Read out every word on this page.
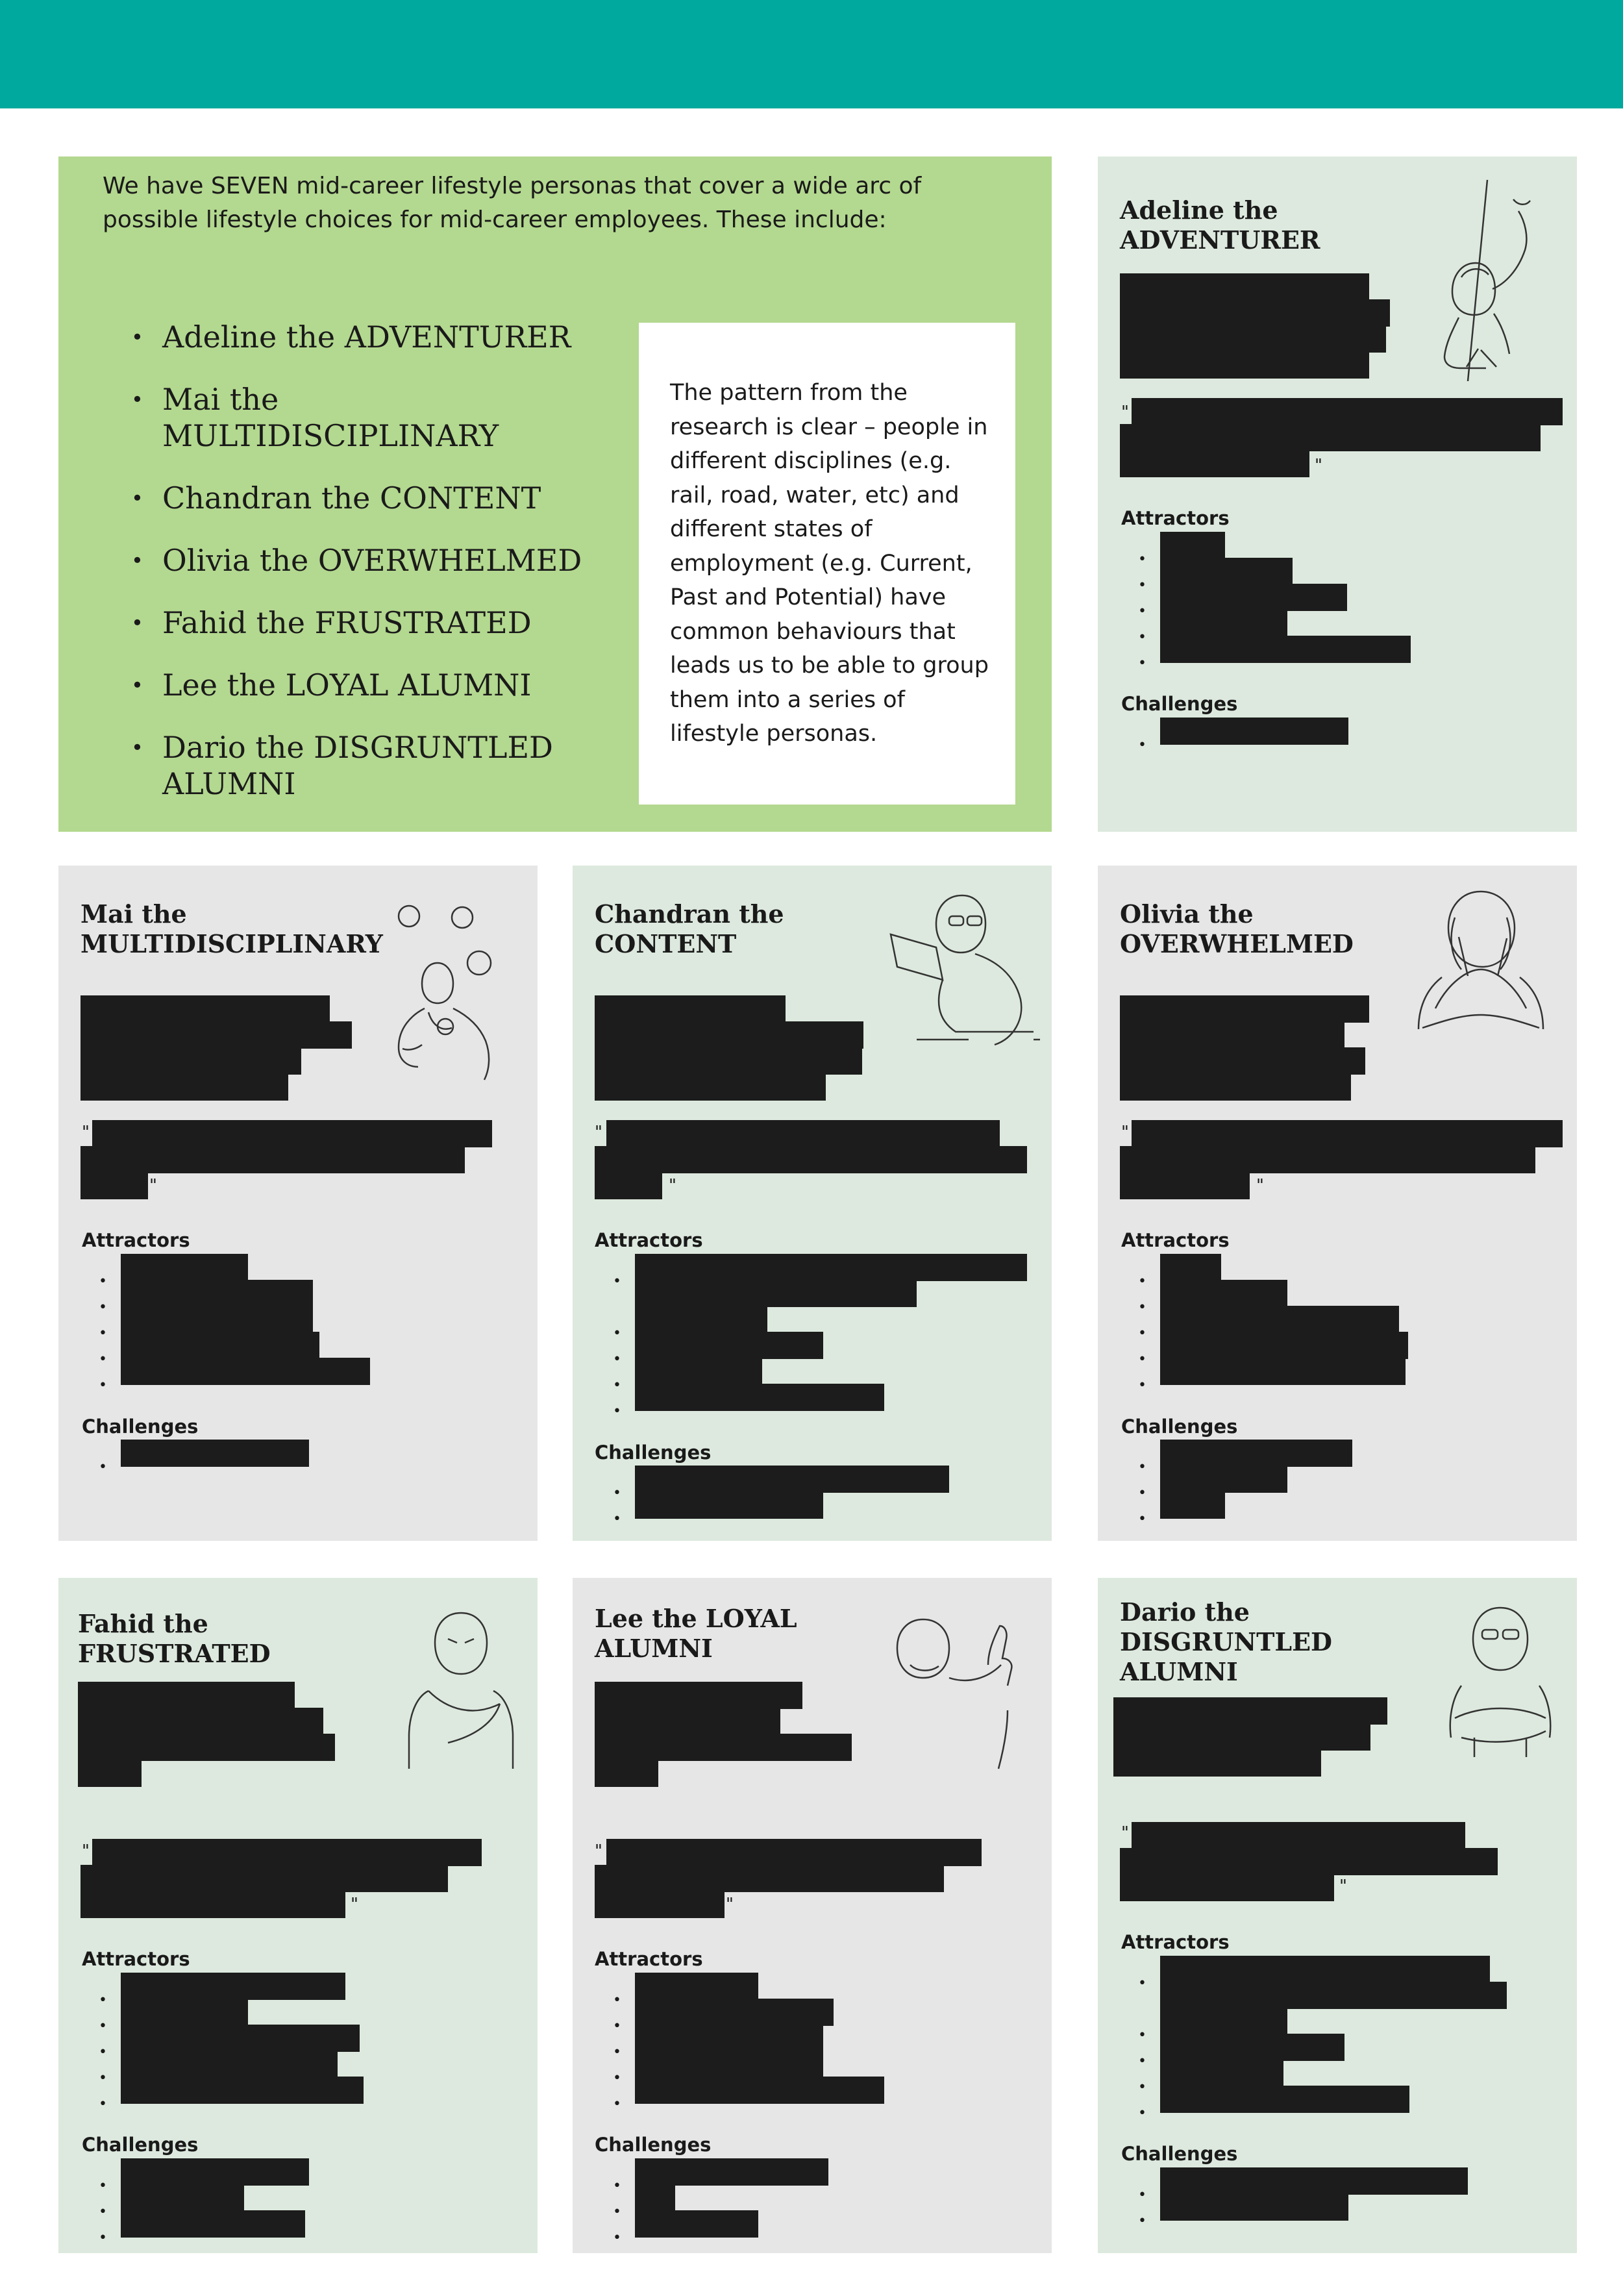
We have SEVEN mid-career lifestyle personas that cover a wide arc of possible lifestyle choices for mid-career employees. These include:

• Adeline the ADVENTURER
• Mai the MULTIDISCIPLINARY
• Chandran the CONTENT
• Olivia the OVERWHELMED
• Fahid the FRUSTRATED
• Lee the LOYAL ALUMNI
• Dario the DISGRUNTLED ALUMNI

The pattern from the research is clear – people in different disciplines (e.g. rail, road, water, etc) and different states of employment (e.g. Current, Past and Potential) have common behaviours that leads us to be able to group them into a series of lifestyle personas.

Adeline the
ADVENTURER
•
•
•
•
•
•
"
"

Attractors

Challenges

Mai the
MULTIDISCIPLINARY
•
•
•
•
•
•
"
"

Attractors

Challenges

Chandran the
CONTENT
•
•
•
•
•
•
•
"
"

Attractors

Challenges

Olivia the
OVERWHELMED
•
•
•
•
•
•
•
•
"
"

Attractors

Challenges

Fahid the
FRUSTRATED
•
•
•
•
•
•
•
•
"
"

Attractors

Challenges

Lee the LOYAL
ALUMNI
•
•
•
•
•
•
•
•
"
"

Attractors

Challenges

Dario the
DISGRUNTLED
ALUMNI
•
•
•
•
•
•
•
"
"

Attractors

Challenges
